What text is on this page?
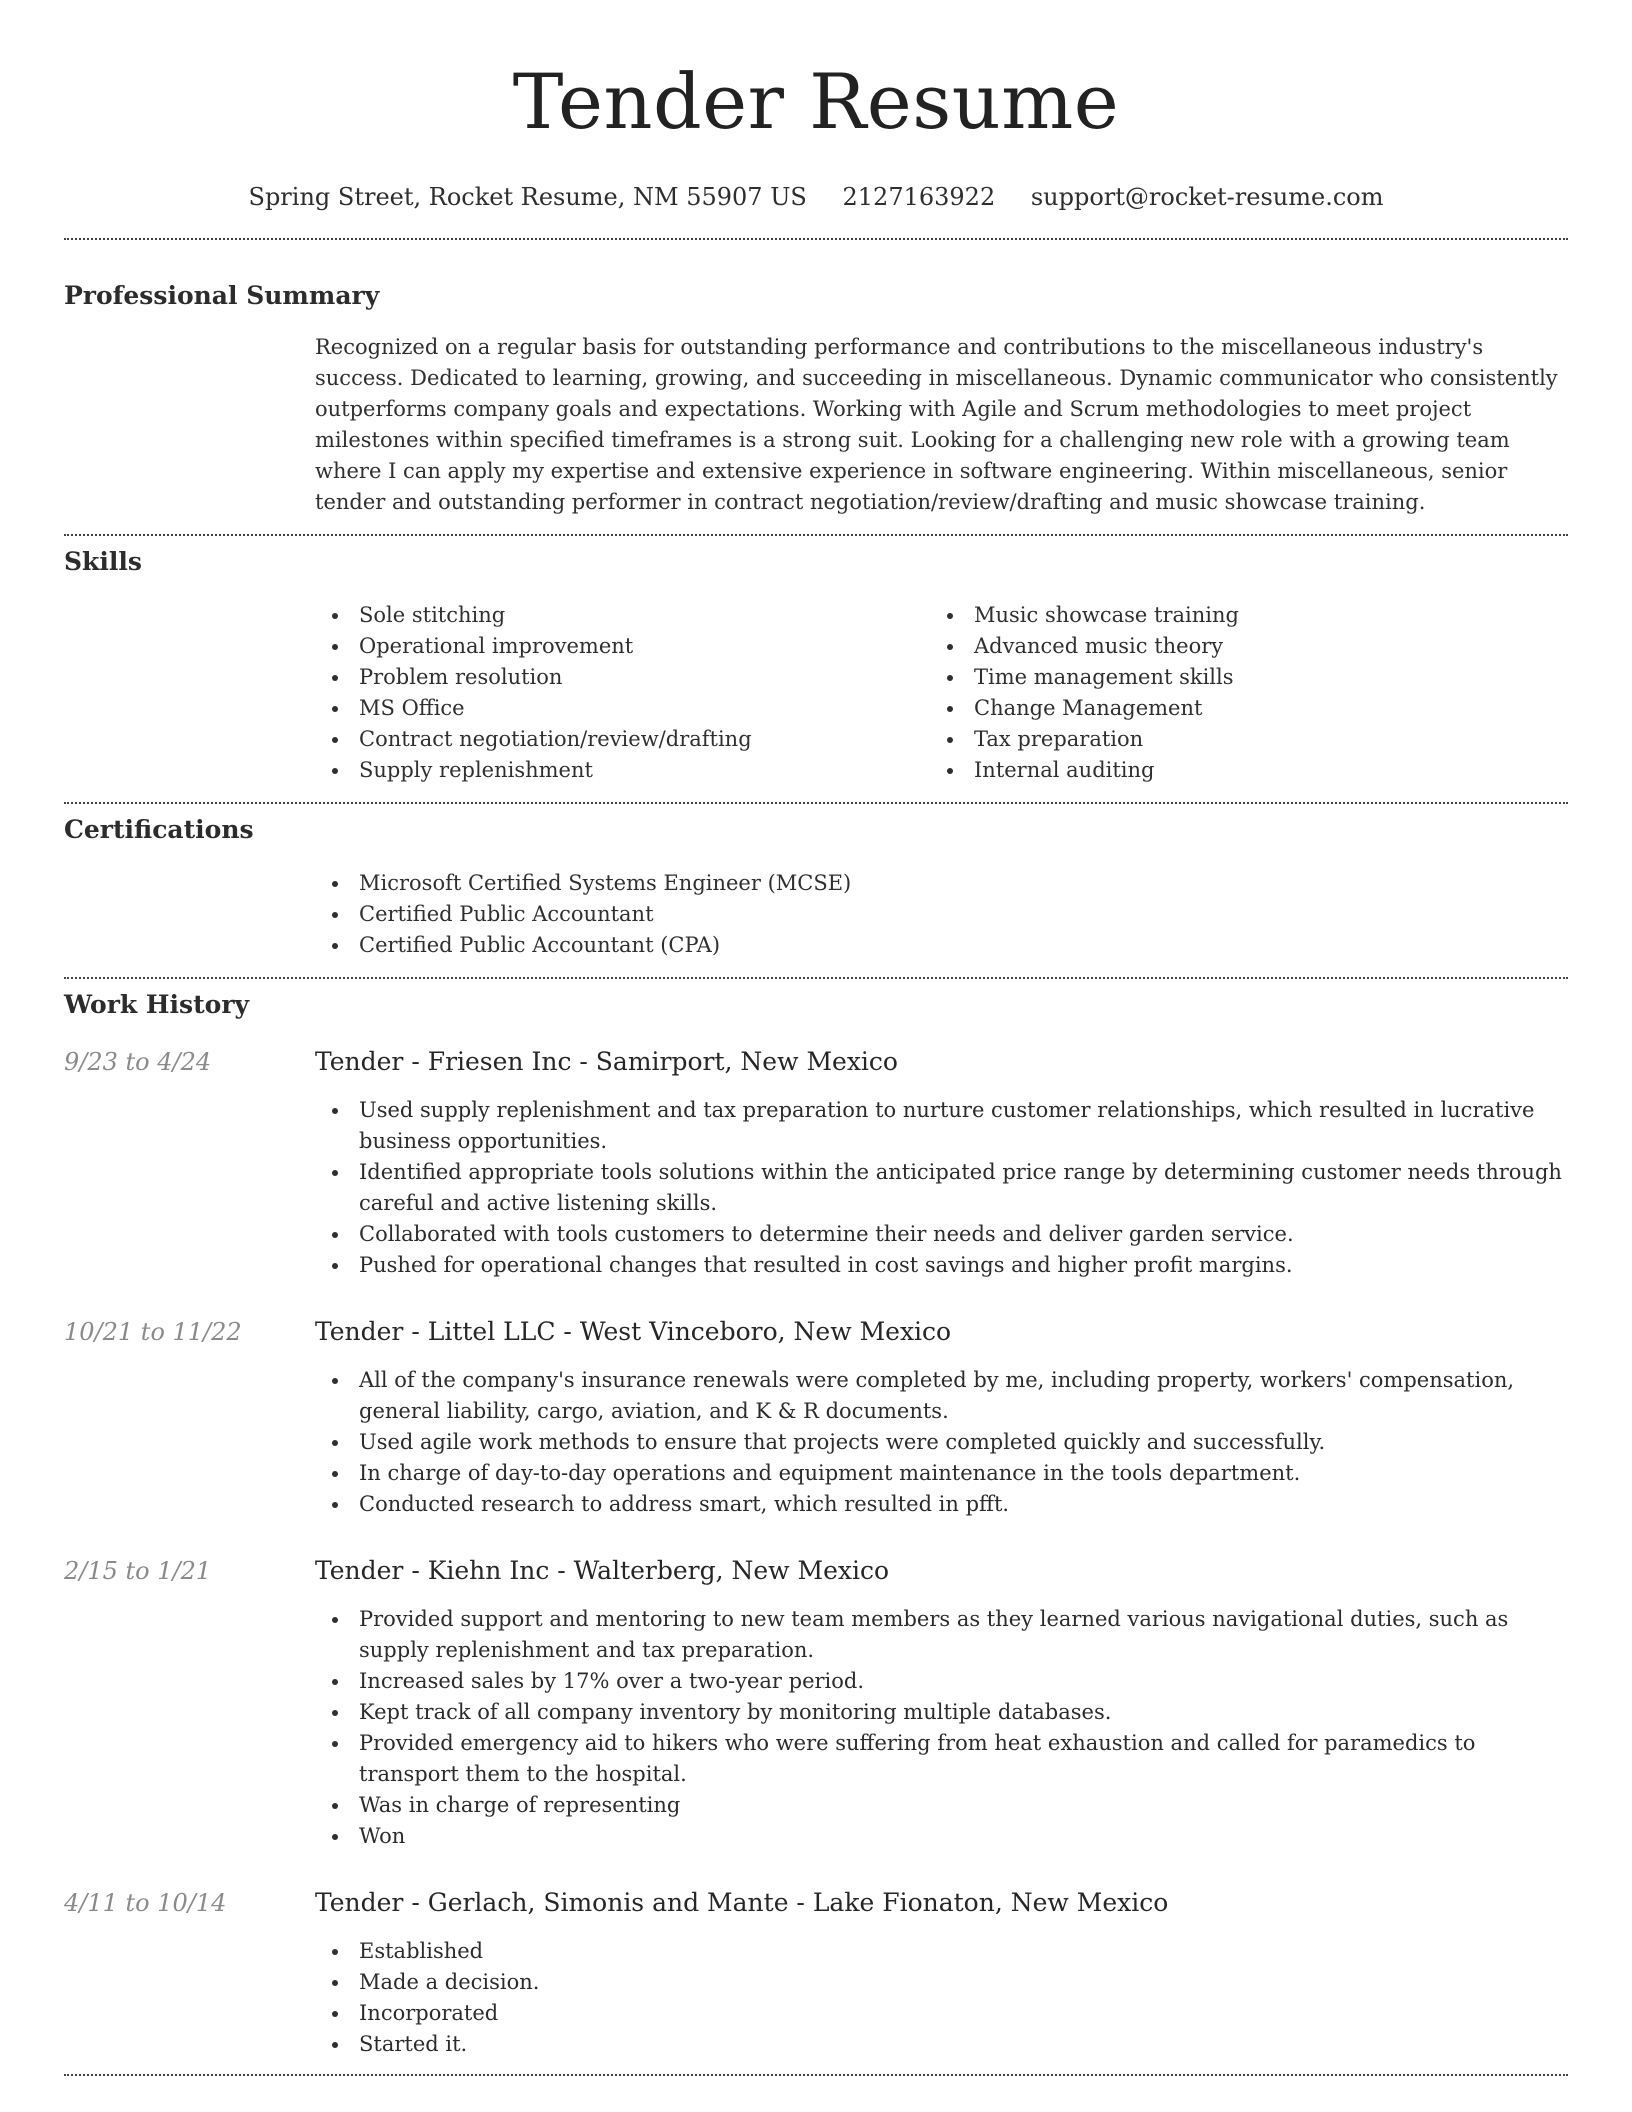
Tender Resume
Spring Street, Rocket Resume, NM 55907 US 2127163922 support@rocket-resume.com
Professional Summary

Recognized on a regular basis for outstanding performance and contributions to the miscellaneous industry's success. Dedicated to learning, growing, and succeeding in miscellaneous. Dynamic communicator who consistently outperforms company goals and expectations. Working with Agile and Scrum methodologies to meet project milestones within specified timeframes is a strong suit. Looking for a challenging new role with a growing team where I can apply my expertise and extensive experience in software engineering. Within miscellaneous, senior tender and outstanding performer in contract negotiation/review/drafting and music showcase training.

Skills
Sole stitching
Operational improvement
Problem resolution
MS Office
Contract negotiation/review/drafting
Supply replenishment
Music showcase training
Advanced music theory
Time management skills
Change Management
Tax preparation
Internal auditing
Certifications
Microsoft Certified Systems Engineer (MCSE)
Certified Public Accountant
Certified Public Accountant (CPA)
Work History
9/23 to 4/24	Tender - Friesen Inc - Samirport, New Mexico
Used supply replenishment and tax preparation to nurture customer relationships, which resulted in lucrative business opportunities.
Identified appropriate tools solutions within the anticipated price range by determining customer needs through careful and active listening skills.
Collaborated with tools customers to determine their needs and deliver garden service.
Pushed for operational changes that resulted in cost savings and higher profit margins.
10/21 to 11/22	Tender - Littel LLC - West Vinceboro, New Mexico
All of the company's insurance renewals were completed by me, including property, workers' compensation, general liability, cargo, aviation, and K & R documents.
Used agile work methods to ensure that projects were completed quickly and successfully.
In charge of day-to-day operations and equipment maintenance in the tools department.
Conducted research to address smart, which resulted in pfft.
2/15 to 1/21	Tender - Kiehn Inc - Walterberg, New Mexico
Provided support and mentoring to new team members as they learned various navigational duties, such as supply replenishment and tax preparation.
Increased sales by 17% over a two-year period.
Kept track of all company inventory by monitoring multiple databases.
Provided emergency aid to hikers who were suffering from heat exhaustion and called for paramedics to transport them to the hospital.
Was in charge of representing
Won
4/11 to 10/14	Tender - Gerlach, Simonis and Mante - Lake Fionaton, New Mexico
Established
Made a decision.
Incorporated
Started it.
